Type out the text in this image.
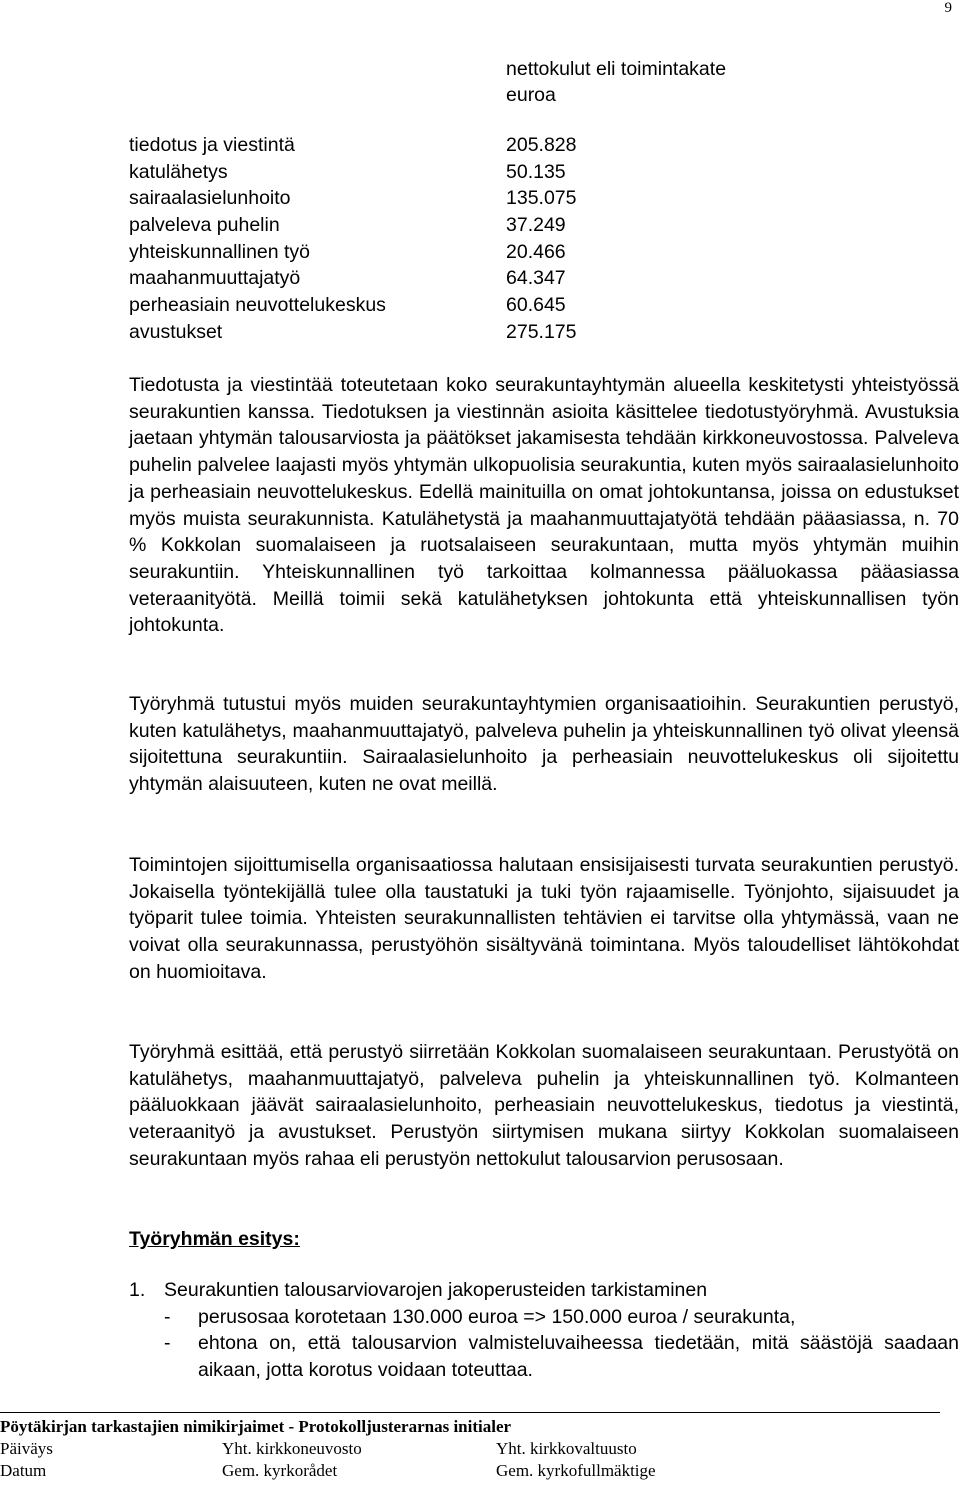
9
nettokulut eli toimintakate
euroa
tiedotus ja viestintä	205.828
katulähetys	50.135
sairaalasielunhoito	135.075
palveleva puhelin	37.249
yhteiskunnallinen työ	20.466
maahanmuuttajatyö	64.347
perheasiain neuvottelukeskus	60.645
avustukset	275.175

Tiedotusta ja viestintää toteutetaan koko seurakuntayhtymän alueella keskitetysti yhteistyössä seurakuntien kanssa. Tiedotuksen ja viestinnän asioita käsittelee tiedotustyöryhmä. Avustuksia jaetaan yhtymän talousarviosta ja päätökset jakamisesta tehdään kirkkoneuvostossa. Palveleva puhelin palvelee laajasti myös yhtymän ulkopuolisia seurakuntia, kuten myös sairaalasielunhoito ja perheasiain neuvottelukeskus. Edellä mainituilla on omat johtokuntansa, joissa on edustukset myös muista seurakunnista. Katulähetystä ja maahanmuuttajatyötä tehdään pääasiassa, n. 70 % Kokkolan suomalaiseen ja ruotsalaiseen seurakuntaan, mutta myös yhtymän muihin seurakuntiin. Yhteiskunnallinen työ tarkoittaa kolmannessa pääluokassa pääasiassa veteraanityötä. Meillä toimii sekä katulähetyksen johtokunta että yhteiskunnallisen työn johtokunta.

Työryhmä tutustui myös muiden seurakuntayhtymien organisaatioihin. Seurakuntien perustyö, kuten katulähetys, maahanmuuttajatyö, palveleva puhelin ja yhteiskunnallinen työ olivat yleensä sijoitettuna seurakuntiin. Sairaalasielunhoito ja perheasiain neuvottelukeskus oli sijoitettu yhtymän alaisuuteen, kuten ne ovat meillä.

Toimintojen sijoittumisella organisaatiossa halutaan ensisijaisesti turvata seurakuntien perustyö. Jokaisella työntekijällä tulee olla taustatuki ja tuki työn rajaamiselle. Työnjohto, sijaisuudet ja työparit tulee toimia. Yhteisten seurakunnallisten tehtävien ei tarvitse olla yhtymässä, vaan ne voivat olla seurakunnassa, perustyöhön sisältyvänä toimintana. Myös taloudelliset lähtökohdat on huomioitava.

Työryhmä esittää, että perustyö siirretään Kokkolan suomalaiseen seurakuntaan. Perustyötä on katulähetys, maahanmuuttajatyö, palveleva puhelin ja yhteiskunnallinen työ. Kolmanteen pääluokkaan jäävät sairaalasielunhoito, perheasiain neuvottelukeskus, tiedotus ja viestintä, veteraanityö ja avustukset. Perustyön siirtymisen mukana siirtyy Kokkolan suomalaiseen seurakuntaan myös rahaa eli perustyön nettokulut talousarvion perusosaan.

Työryhmän esitys:
1. Seurakuntien talousarviovarojen jakoperusteiden tarkistaminen
- perusosaa korotetaan 130.000 euroa => 150.000 euroa / seurakunta,
- ehtona on, että talousarvion valmisteluvaiheessa tiedetään, mitä säästöjä saadaan aikaan, jotta korotus voidaan toteuttaa.
Pöytäkirjan tarkastajien nimikirjaimet - Protokolljusterarnas initialer
Päiväys	Yht. kirkkoneuvosto	Yht. kirkkovaltuusto
Datum	Gem. kyrkorådet	Gem. kyrkofullmäktige
